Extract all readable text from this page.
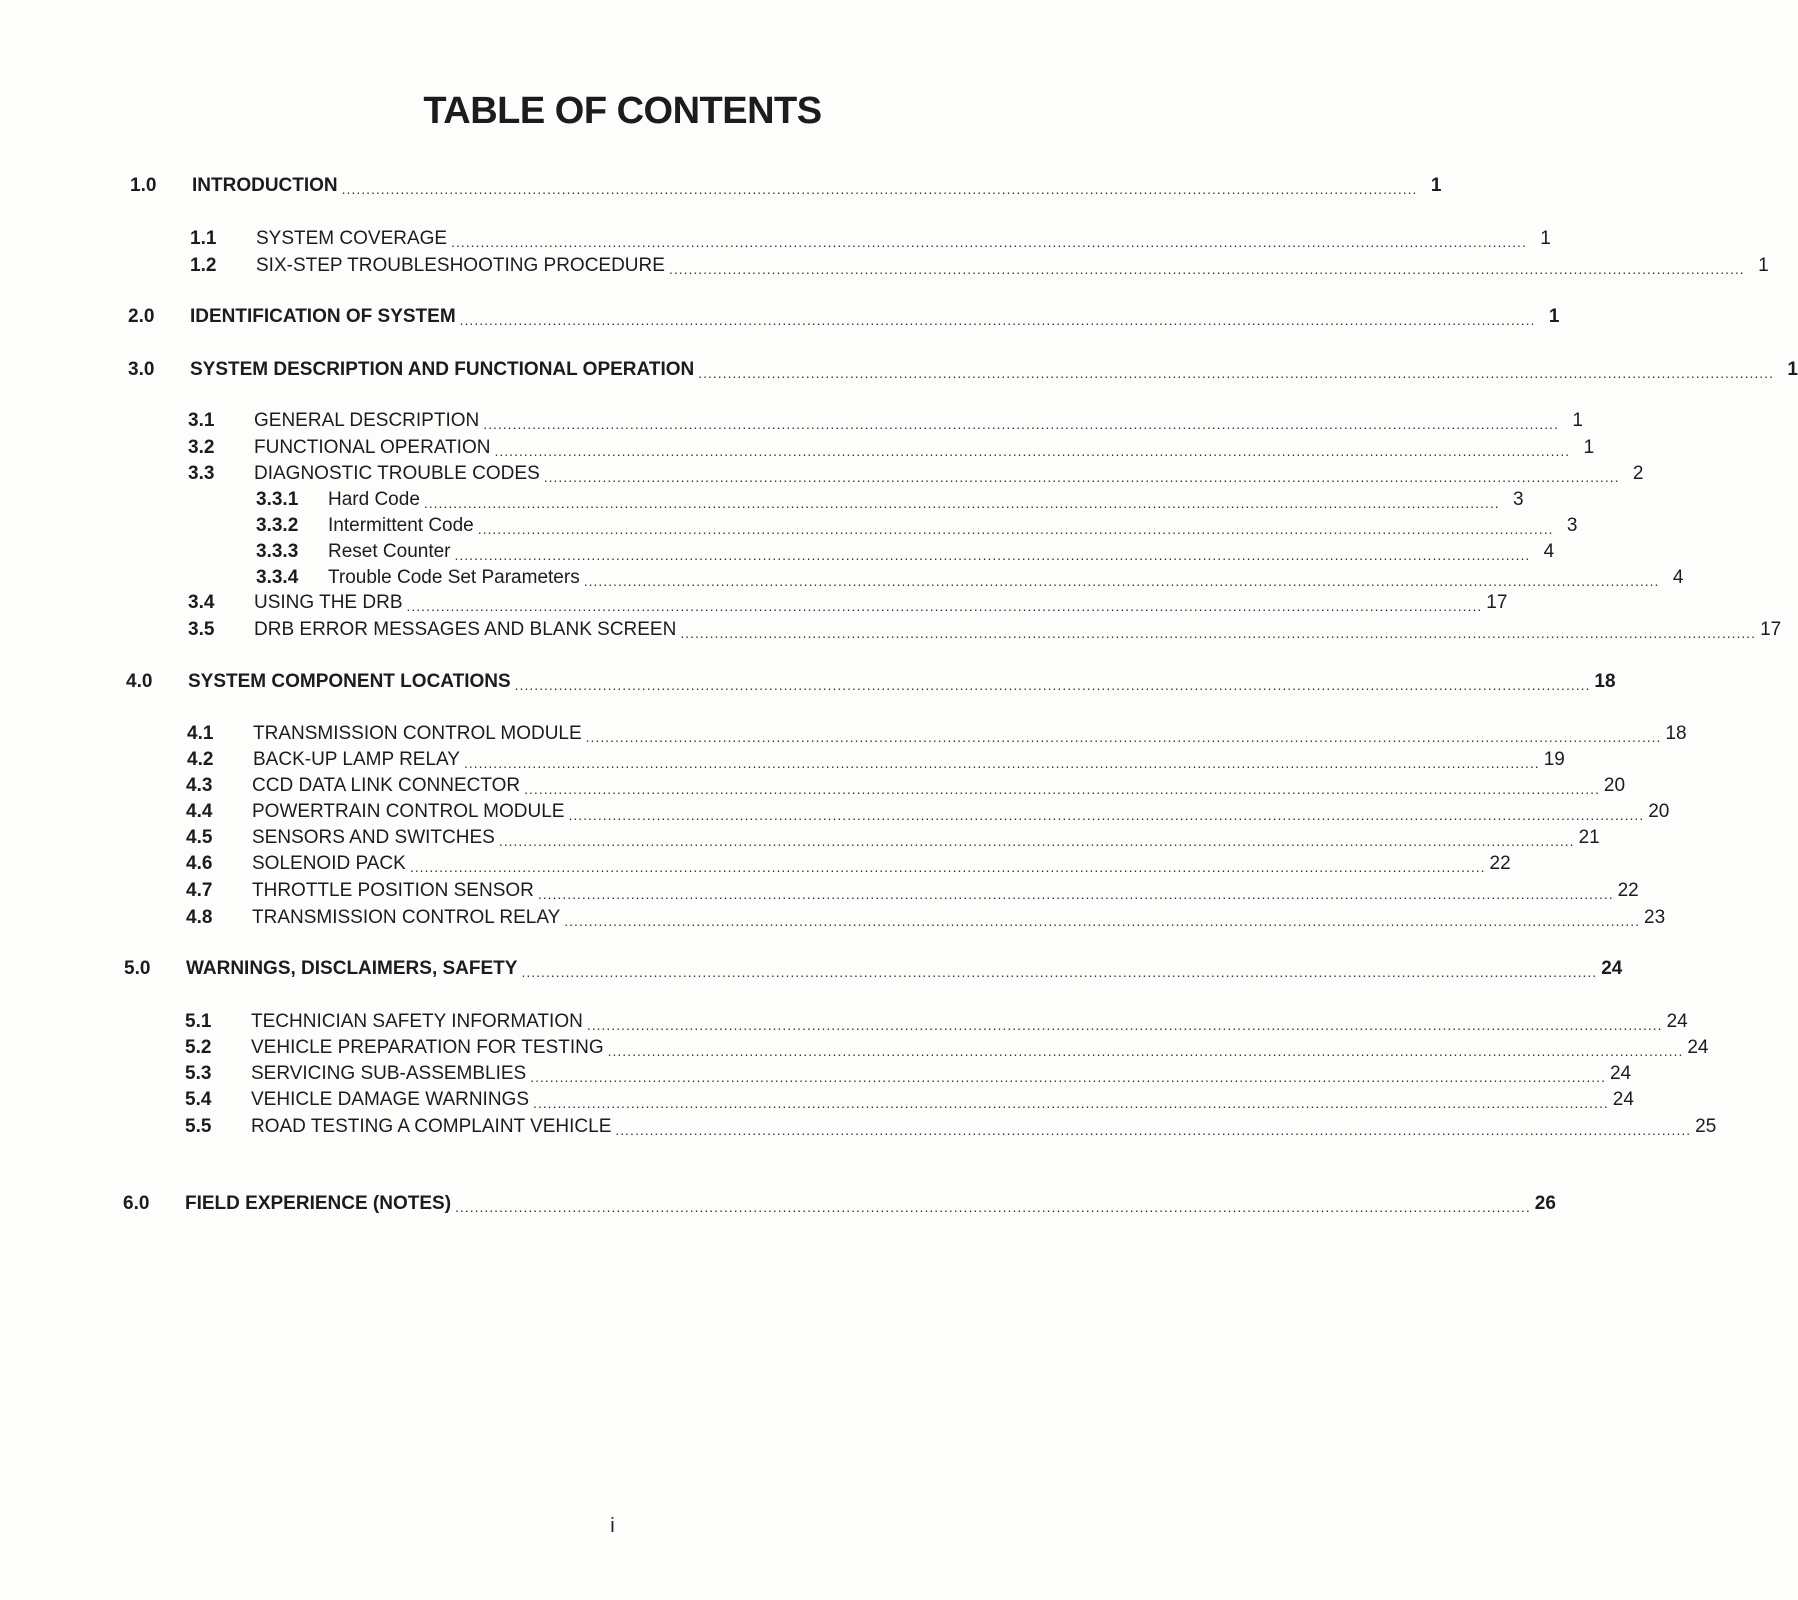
TABLE OF CONTENTS
1.0	INTRODUCTION ............................................................................................................................................................................................................................ 1
1.1	SYSTEM COVERAGE ............................................................................................................................................................................................................................ 1
1.2	SIX-STEP TROUBLESHOOTING PROCEDURE ............................................................................................................................................................................................................................ 1
2.0	IDENTIFICATION OF SYSTEM ............................................................................................................................................................................................................................ 1
3.0	SYSTEM DESCRIPTION AND FUNCTIONAL OPERATION ............................................................................................................................................................................................................................ 1
3.1	GENERAL DESCRIPTION ............................................................................................................................................................................................................................ 1
3.2	FUNCTIONAL OPERATION ............................................................................................................................................................................................................................ 1
3.3	DIAGNOSTIC TROUBLE CODES ............................................................................................................................................................................................................................ 2
3.3.1	Hard Code ............................................................................................................................................................................................................................ 3
3.3.2	Intermittent Code ............................................................................................................................................................................................................................ 3
3.3.3	Reset Counter ............................................................................................................................................................................................................................ 4
3.3.4	Trouble Code Set Parameters ............................................................................................................................................................................................................................ 4
3.4	USING THE DRB ............................................................................................................................................................................................................................ 17
3.5	DRB ERROR MESSAGES AND BLANK SCREEN ............................................................................................................................................................................................................................ 17
4.0	SYSTEM COMPONENT LOCATIONS ............................................................................................................................................................................................................................ 18
4.1	TRANSMISSION CONTROL MODULE ............................................................................................................................................................................................................................ 18
4.2	BACK-UP LAMP RELAY ............................................................................................................................................................................................................................ 19
4.3	CCD DATA LINK CONNECTOR ............................................................................................................................................................................................................................ 20
4.4	POWERTRAIN CONTROL MODULE ............................................................................................................................................................................................................................ 20
4.5	SENSORS AND SWITCHES ............................................................................................................................................................................................................................ 21
4.6	SOLENOID PACK ............................................................................................................................................................................................................................ 22
4.7	THROTTLE POSITION SENSOR ............................................................................................................................................................................................................................ 22
4.8	TRANSMISSION CONTROL RELAY ............................................................................................................................................................................................................................ 23
5.0	WARNINGS, DISCLAIMERS, SAFETY ............................................................................................................................................................................................................................ 24
5.1	TECHNICIAN SAFETY INFORMATION ............................................................................................................................................................................................................................ 24
5.2	VEHICLE PREPARATION FOR TESTING ............................................................................................................................................................................................................................ 24
5.3	SERVICING SUB-ASSEMBLIES ............................................................................................................................................................................................................................ 24
5.4	VEHICLE DAMAGE WARNINGS ............................................................................................................................................................................................................................ 24
5.5	ROAD TESTING A COMPLAINT VEHICLE ............................................................................................................................................................................................................................ 25
6.0	FIELD EXPERIENCE (NOTES) ............................................................................................................................................................................................................................ 26
i
